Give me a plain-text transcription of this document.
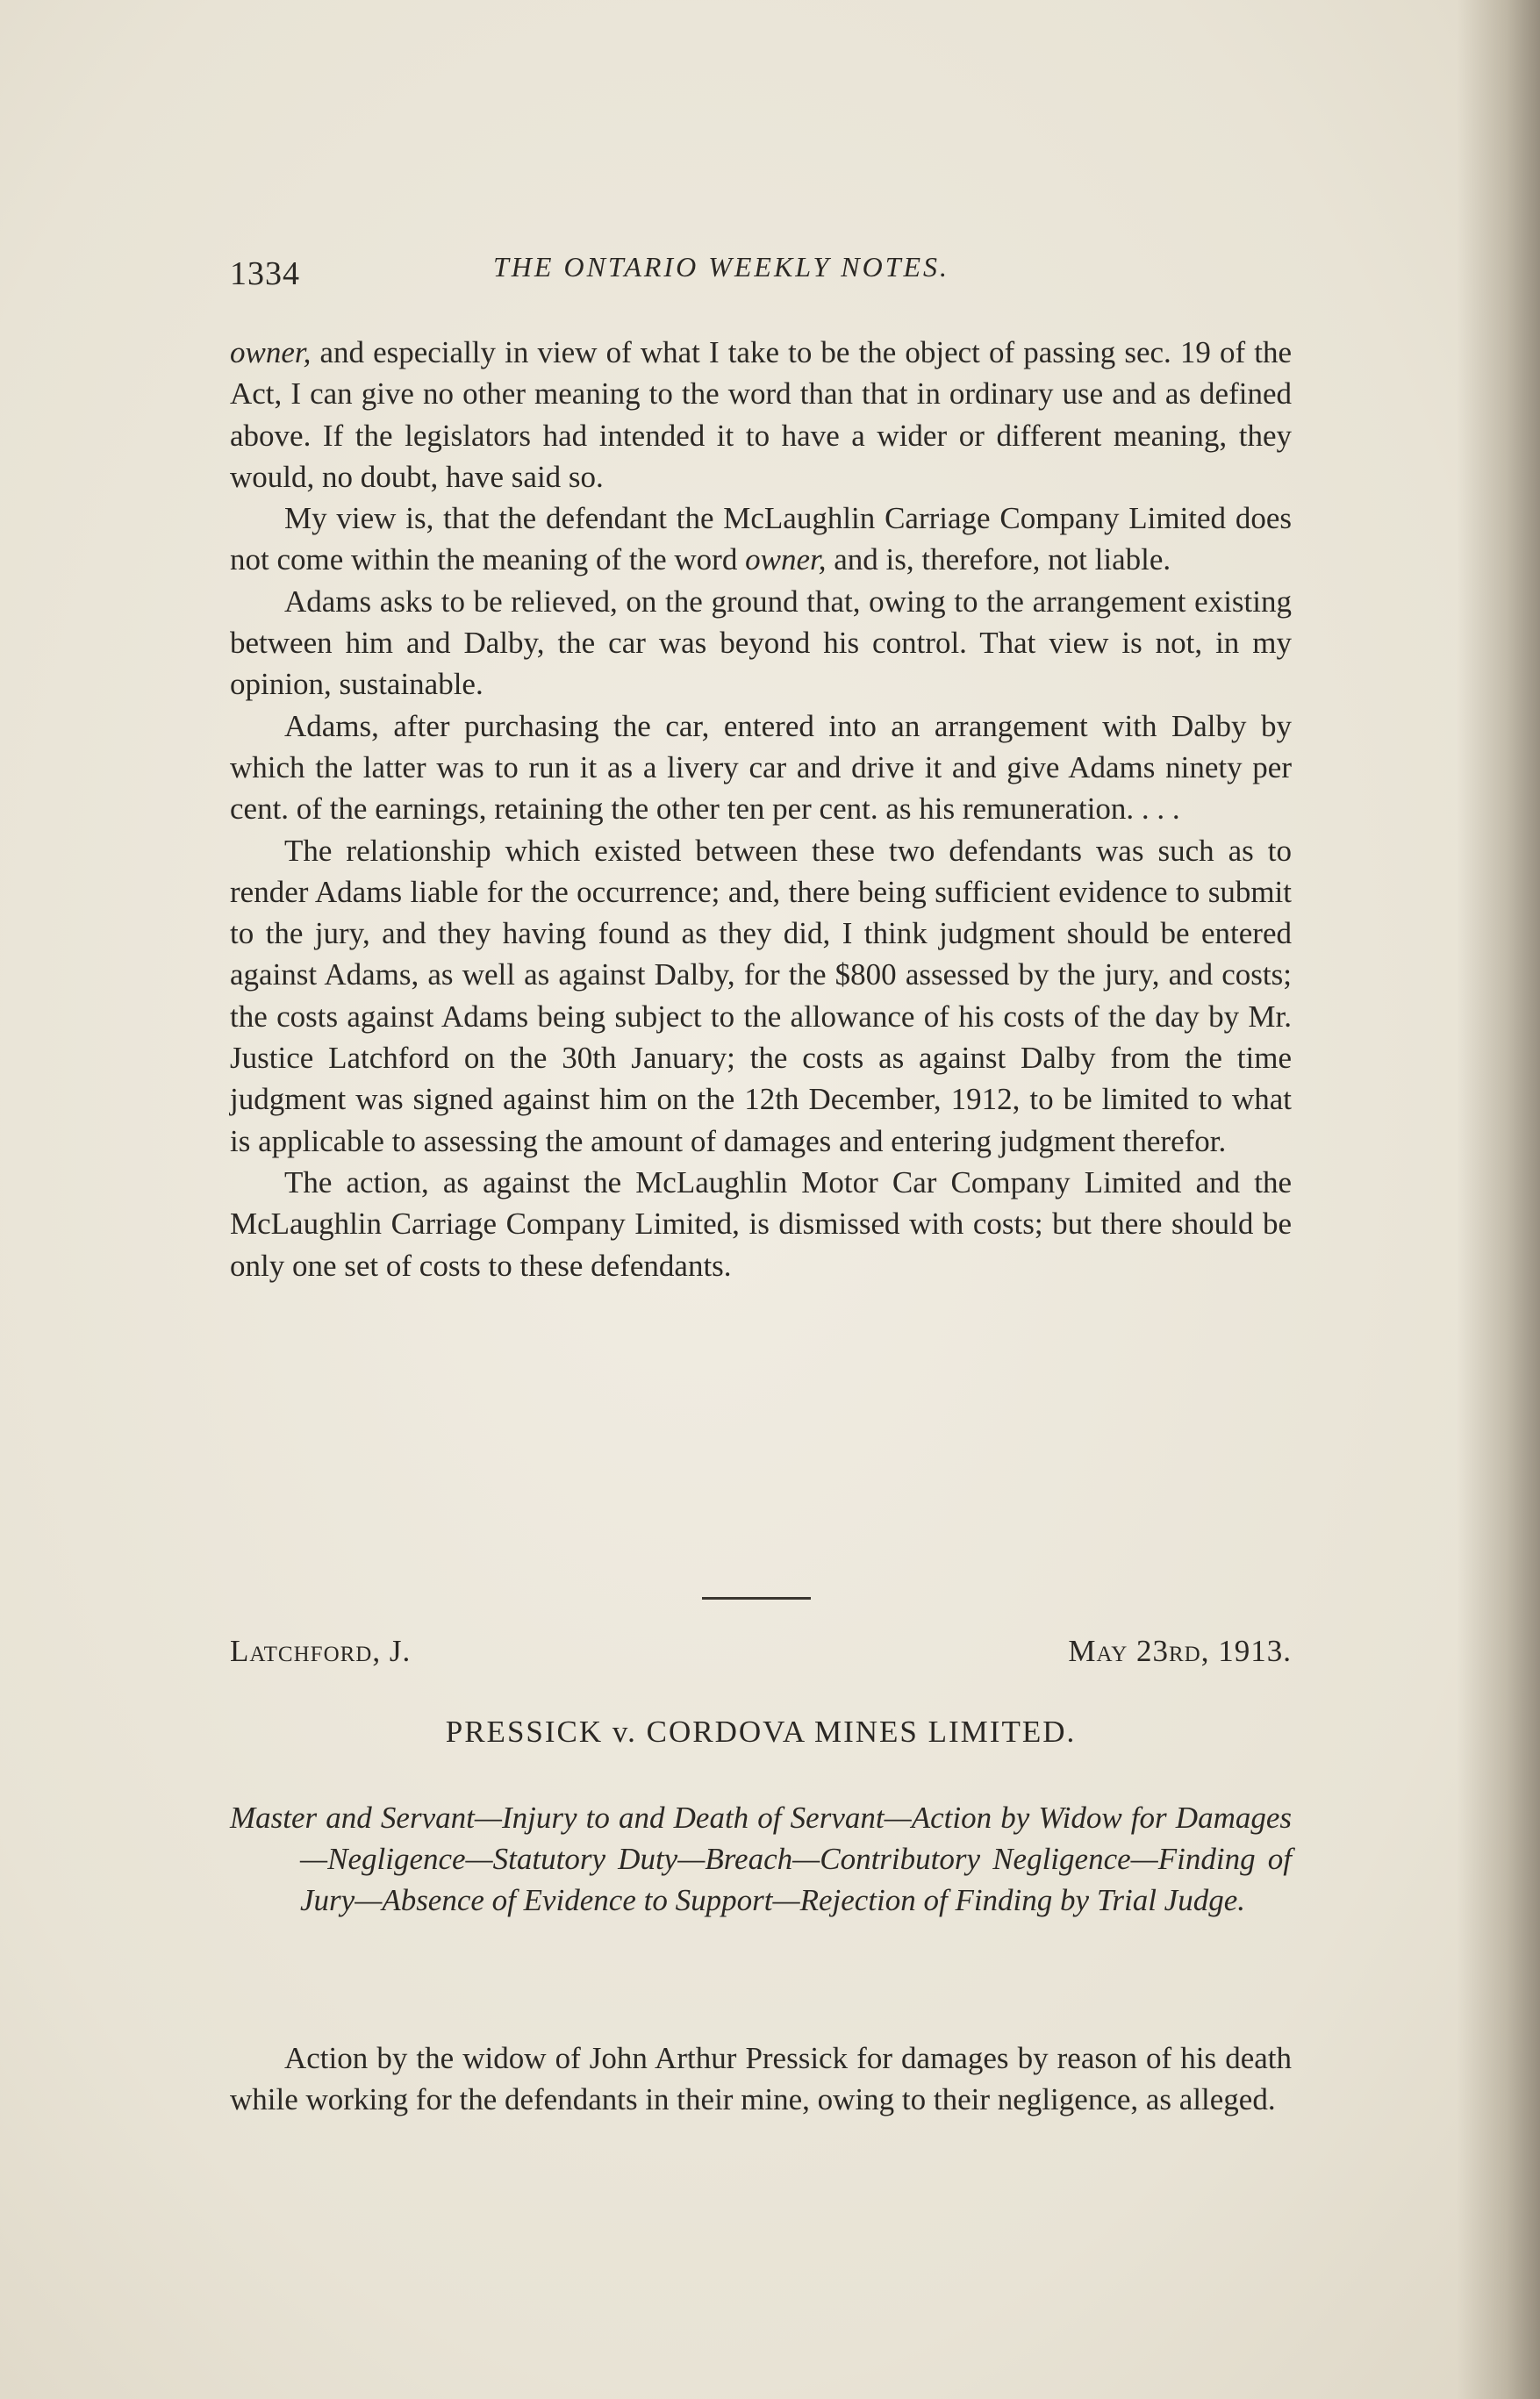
1334	THE ONTARIO WEEKLY NOTES.

owner, and especially in view of what I take to be the object of passing sec. 19 of the Act, I can give no other meaning to the word than that in ordinary use and as defined above. If the legislators had intended it to have a wider or different meaning, they would, no doubt, have said so.

My view is, that the defendant the McLaughlin Carriage Company Limited does not come within the meaning of the word owner, and is, therefore, not liable.

Adams asks to be relieved, on the ground that, owing to the arrangement existing between him and Dalby, the car was beyond his control. That view is not, in my opinion, sustainable.

Adams, after purchasing the car, entered into an arrangement with Dalby by which the latter was to run it as a livery car and drive it and give Adams ninety per cent. of the earnings, retaining the other ten per cent. as his remuneration. . . .

The relationship which existed between these two defendants was such as to render Adams liable for the occurrence; and, there being sufficient evidence to submit to the jury, and they having found as they did, I think judgment should be entered against Adams, as well as against Dalby, for the $800 assessed by the jury, and costs; the costs against Adams being subject to the allowance of his costs of the day by Mr. Justice Latchford on the 30th January; the costs as against Dalby from the time judgment was signed against him on the 12th December, 1912, to be limited to what is applicable to assessing the amount of damages and entering judgment therefor.

The action, as against the McLaughlin Motor Car Company Limited and the McLaughlin Carriage Company Limited, is dismissed with costs; but there should be only one set of costs to these defendants.

Latchford, J.	May 23rd, 1913.
PRESSICK v. CORDOVA MINES LIMITED.
Master and Servant—Injury to and Death of Servant—Action by Widow for Damages—Negligence—Statutory Duty—Breach—Contributory Negligence—Finding of Jury—Absence of Evidence to Support—Rejection of Finding by Trial Judge.
Action by the widow of John Arthur Pressick for damages by reason of his death while working for the defendants in their mine, owing to their negligence, as alleged.
